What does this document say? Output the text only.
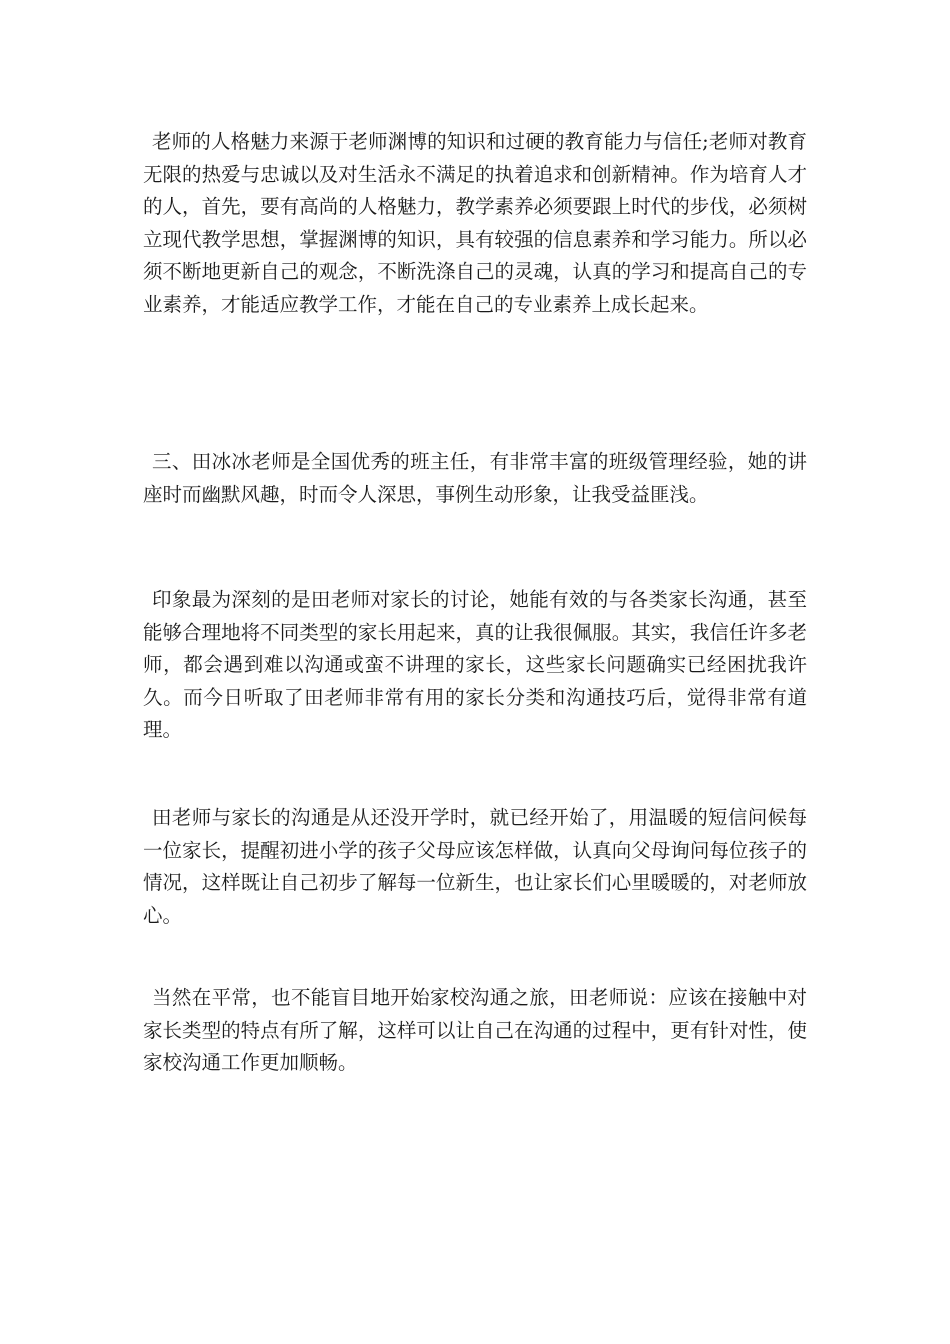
老师的人格魅力来源于老师渊博的知识和过硬的教育能力与信任;老师对教育无限的热爱与忠诚以及对生活永不满足的执着追求和创新精神。作为培育人才的人，首先，要有高尚的人格魅力，教学素养必须要跟上时代的步伐，必须树立现代教学思想，掌握渊博的知识，具有较强的信息素养和学习能力。所以必须不断地更新自己的观念，不断洗涤自己的灵魂，认真的学习和提高自己的专业素养，才能适应教学工作，才能在自己的专业素养上成长起来。

三、田冰冰老师是全国优秀的班主任，有非常丰富的班级管理经验，她的讲座时而幽默风趣，时而令人深思，事例生动形象，让我受益匪浅。

印象最为深刻的是田老师对家长的讨论，她能有效的与各类家长沟通，甚至能够合理地将不同类型的家长用起来，真的让我很佩服。其实，我信任许多老师，都会遇到难以沟通或蛮不讲理的家长，这些家长问题确实已经困扰我许久。而今日听取了田老师非常有用的家长分类和沟通技巧后，觉得非常有道理。

田老师与家长的沟通是从还没开学时，就已经开始了，用温暖的短信问候每一位家长，提醒初进小学的孩子父母应该怎样做，认真向父母询问每位孩子的情况，这样既让自己初步了解每一位新生，也让家长们心里暖暖的，对老师放心。

当然在平常，也不能盲目地开始家校沟通之旅，田老师说：应该在接触中对家长类型的特点有所了解，这样可以让自己在沟通的过程中，更有针对性，使家校沟通工作更加顺畅。
